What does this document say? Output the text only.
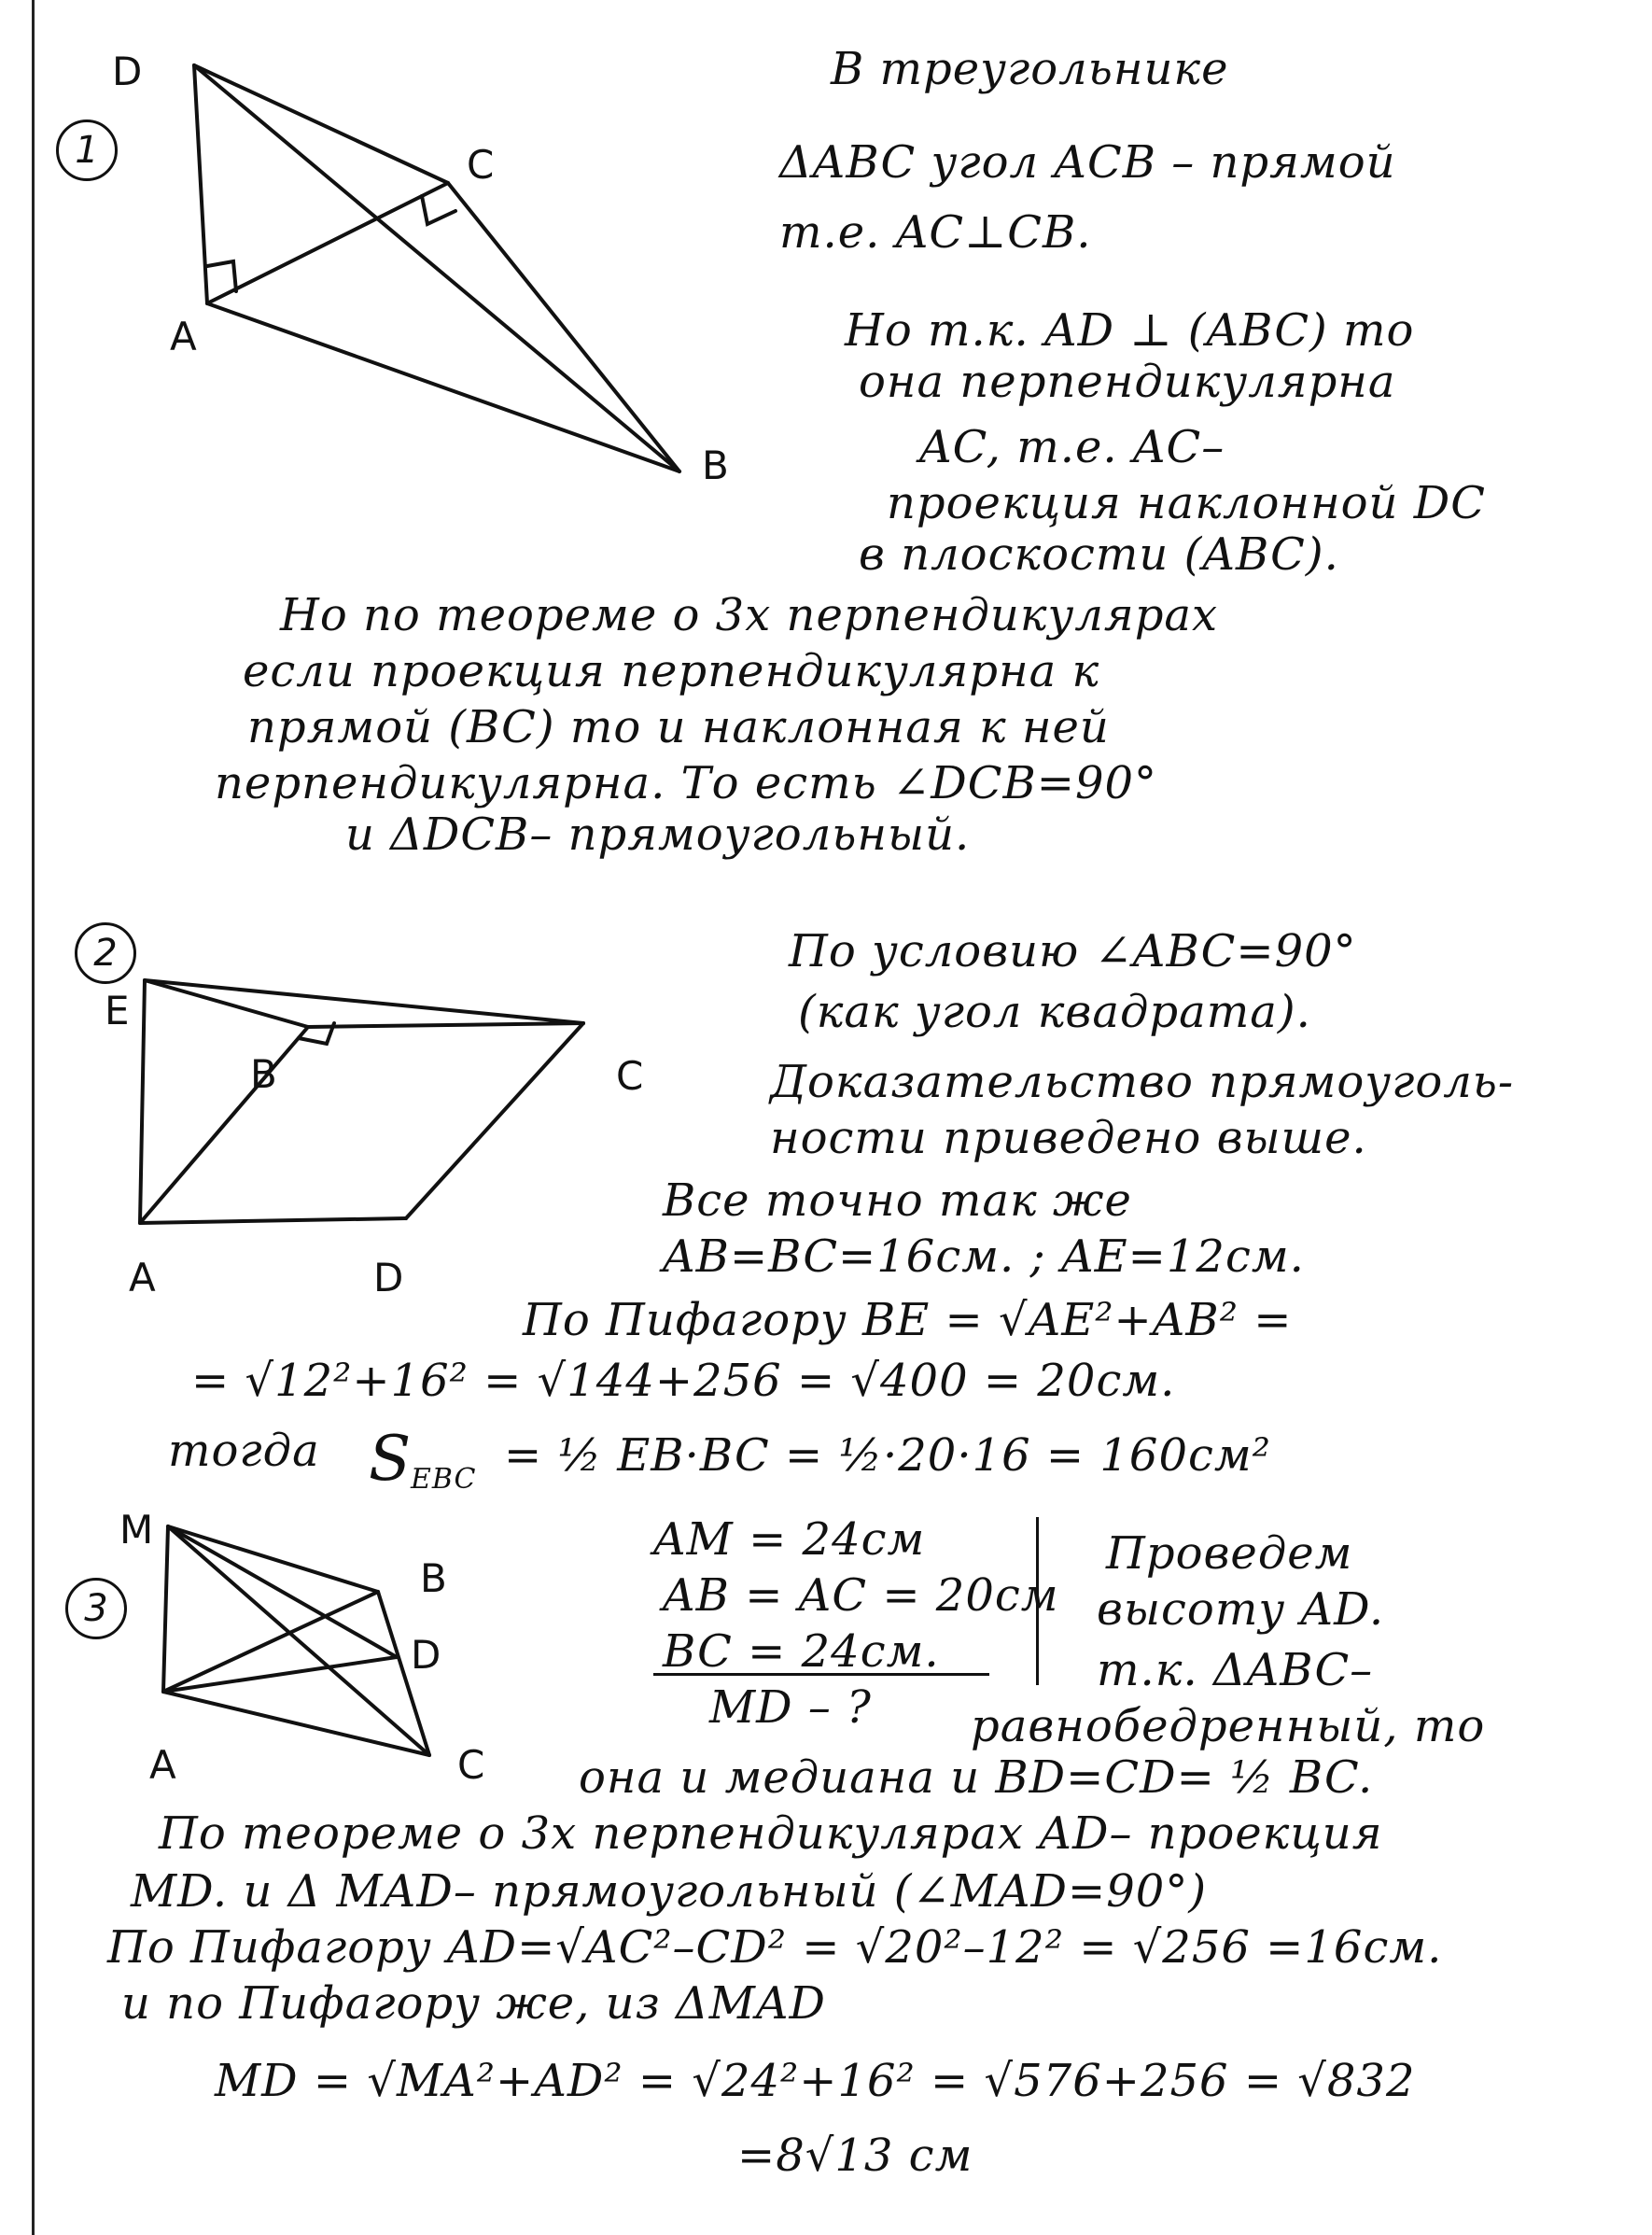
1
D
C
A
B
В треугольнике
ΔABC угол ACB – прямой
т.е. AC⊥CB.
Но т.к. AD ⊥ (ABC) то
она перпендикулярна
AC, т.е. AC–
проекция наклонной DC
в плоскости (ABC).
Но по теореме о 3х перпендикулярах
если проекция перпендикулярна к
прямой (BC) то и наклонная к ней
перпендикулярна. То есть ∠DCB=90°
и ΔDCB– прямоугольный.
2
E
B	C
A	D
По условию ∠ABC=90°
(как угол квадрата).
Доказательство прямоуголь-
ности приведено выше.
Все точно так же
AB=BC=16см. ; AE=12см.
По Пифагору BE = √AE²+AB² =
= √12²+16² = √144+256 = √400 = 20см.
тогда S
EBC = ½ EB·BC = ½·20·16 = 160см²
3
M
B
D
A	C
AM = 24см
AB = AC = 20см
BC = 24см.
MD – ?
Проведем
высоту AD.
т.к. ΔABC–
равнобедренный, то
она и медиана и BD=CD= ½ BC.
По теореме о 3х перпендикулярах AD– проекция
MD. и Δ MAD– прямоугольный (∠MAD=90°)
По Пифагору AD=√AC²–CD² = √20²–12² = √256 =16см.
и по Пифагору же, из ΔMAD
MD = √MA²+AD² = √24²+16² = √576+256 = √832
=8√13 см
